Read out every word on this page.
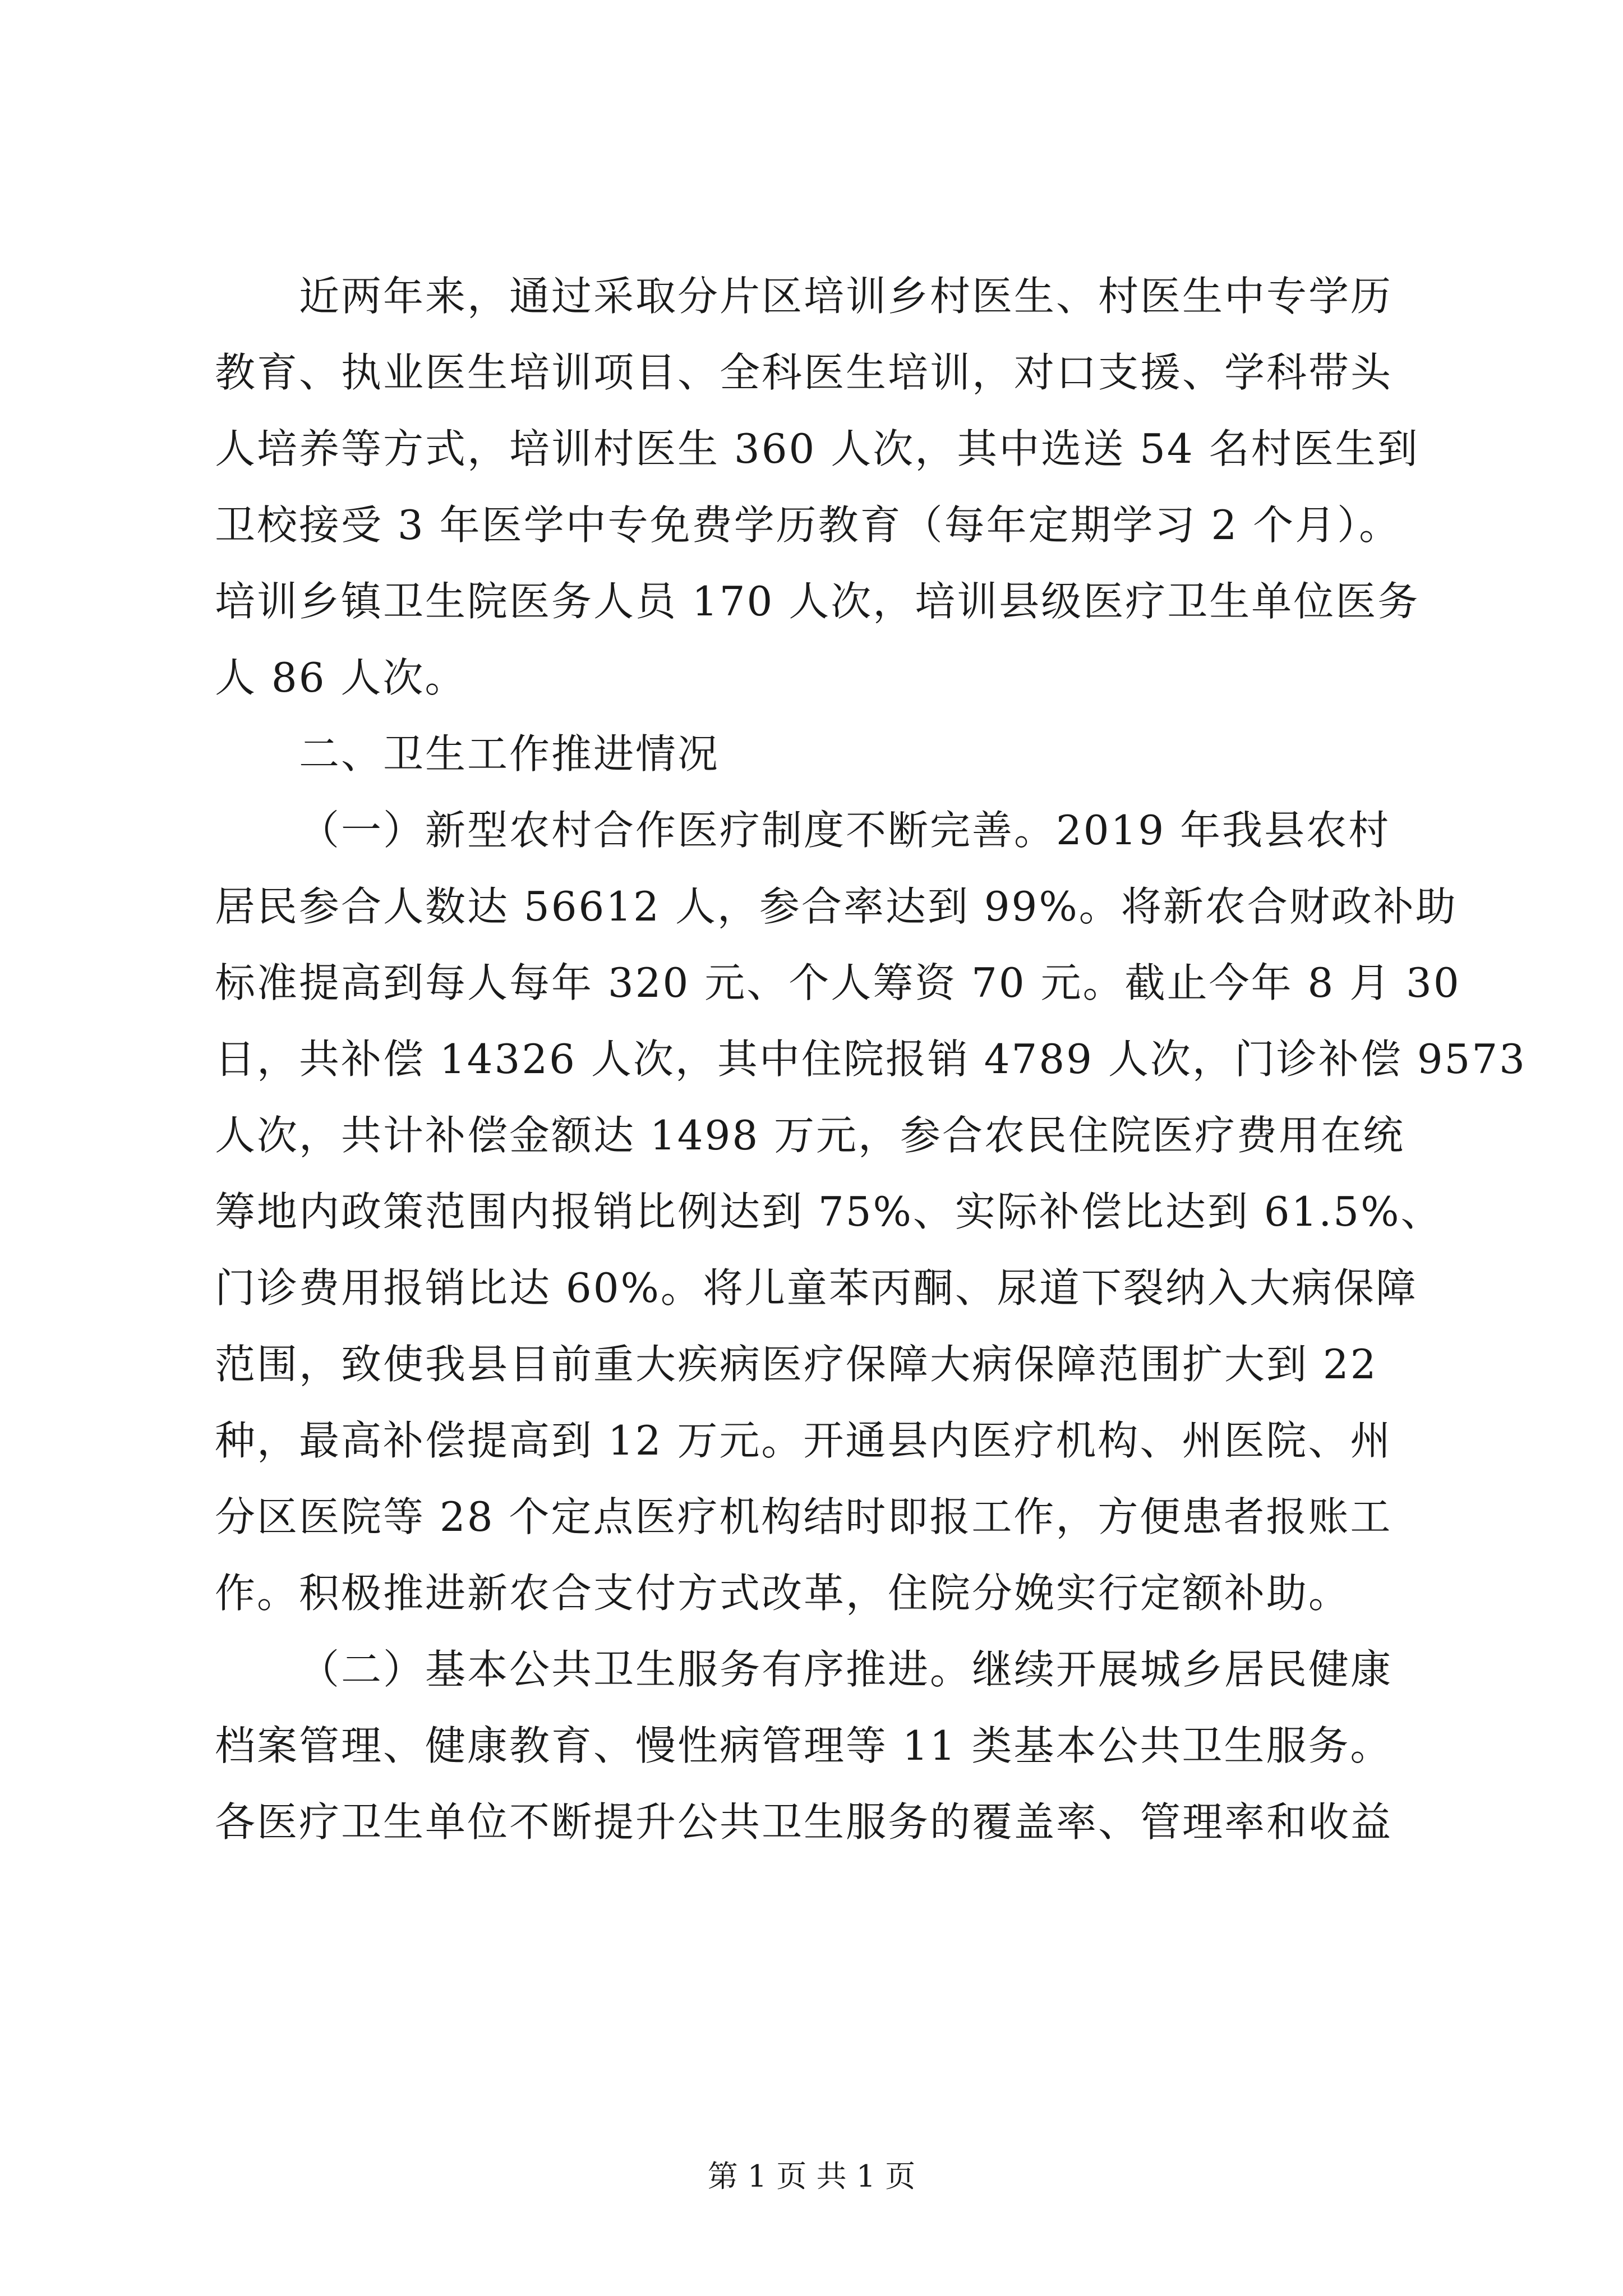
近两年来，通过采取分片区培训乡村医生、村医生中专学历
教育、执业医生培训项目、全科医生培训，对口支援、学科带头
人培养等方式，培训村医生 360 人次，其中选送 54 名村医生到
卫校接受 3 年医学中专免费学历教育（每年定期学习 2 个月）。
培训乡镇卫生院医务人员 170 人次，培训县级医疗卫生单位医务
人 86 人次。
二、卫生工作推进情况
（一）新型农村合作医疗制度不断完善。2019 年我县农村
居民参合人数达 56612 人，参合率达到 99%。将新农合财政补助
标准提高到每人每年 320 元、个人筹资 70 元。截止今年 8 月 30
日，共补偿 14326 人次，其中住院报销 4789 人次，门诊补偿 9573
人次，共计补偿金额达 1498 万元，参合农民住院医疗费用在统
筹地内政策范围内报销比例达到 75%、实际补偿比达到 61.5%、
门诊费用报销比达 60%。将儿童苯丙酮、尿道下裂纳入大病保障
范围，致使我县目前重大疾病医疗保障大病保障范围扩大到 22
种，最高补偿提高到 12 万元。开通县内医疗机构、州医院、州
分区医院等 28 个定点医疗机构结时即报工作，方便患者报账工
作。积极推进新农合支付方式改革，住院分娩实行定额补助。
（二）基本公共卫生服务有序推进。继续开展城乡居民健康
档案管理、健康教育、慢性病管理等 11 类基本公共卫生服务。
各医疗卫生单位不断提升公共卫生服务的覆盖率、管理率和收益
第 1 页 共 1 页
